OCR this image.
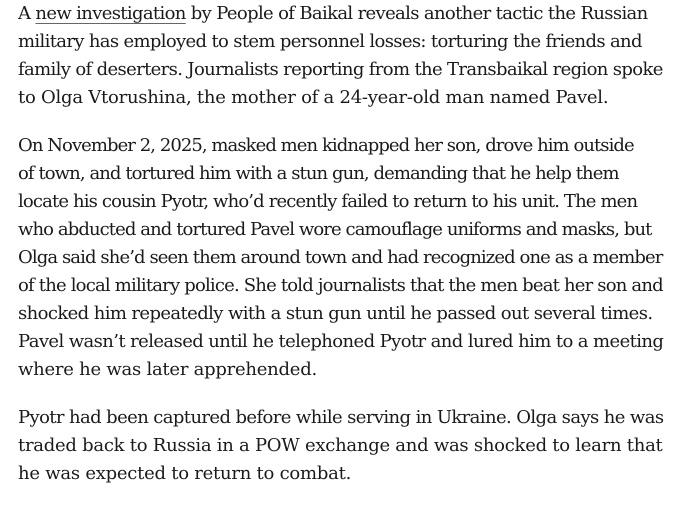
A new investigation by People of Baikal reveals another tactic the Russian
military has employed to stem personnel losses: torturing the friends and
family of deserters. Journalists reporting from the Transbaikal region spoke
to Olga Vtorushina, the mother of a 24-year-old man named Pavel.

On November 2, 2025, masked men kidnapped her son, drove him outside
of town, and tortured him with a stun gun, demanding that he help them
locate his cousin Pyotr, who’d recently failed to return to his unit. The men
who abducted and tortured Pavel wore camouflage uniforms and masks, but
Olga said she’d seen them around town and had recognized one as a member
of the local military police. She told journalists that the men beat her son and
shocked him repeatedly with a stun gun until he passed out several times.
Pavel wasn’t released until he telephoned Pyotr and lured him to a meeting
where he was later apprehended.

Pyotr had been captured before while serving in Ukraine. Olga says he was
traded back to Russia in a POW exchange and was shocked to learn that
he was expected to return to combat.
